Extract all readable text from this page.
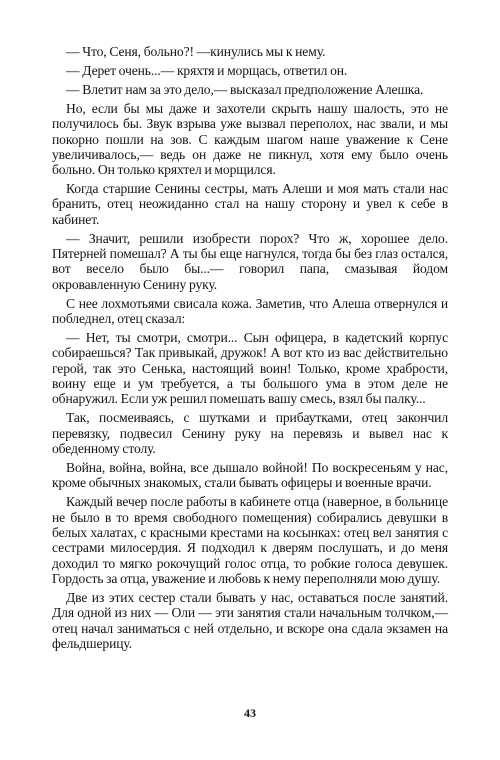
— Что, Сеня, больно?! —кинулись мы к нему.

— Дерет очень...— кряхтя и морщась, ответил он.

— Влетит нам за это дело,— высказал предположение Алешка.

Но, если бы мы даже и захотели скрыть нашу шалость, это не получилось бы. Звук взрыва уже вызвал переполох, нас звали, и мы покорно пошли на зов. С каждым шагом наше уважение к Сене увеличивалось,— ведь он даже не пикнул, хотя ему было очень больно. Он только кряхтел и морщился.

Когда старшие Сенины сестры, мать Алеши и моя мать стали нас бранить, отец неожиданно стал на нашу сторону и увел к себе в кабинет.

— Значит, решили изобрести порох? Что ж, хорошее дело. Пятерней помешал? А ты бы еще нагнулся, тогда бы без глаз остался, вот весело было бы...— говорил папа, смазывая йодом окровавленную Сенину руку.

С нее лохмотьями свисала кожа. Заметив, что Алеша отвернулся и побледнел, отец сказал:

— Нет, ты смотри, смотри... Сын офицера, в кадетский корпус собираешься? Так привыкай, дружок! А вот кто из вас действительно герой, так это Сенька, настоящий воин! Только, кроме храбрости, воину еще и ум требуется, а ты большого ума в этом деле не обнаружил. Если уж решил помешать вашу смесь, взял бы палку...

Так, посмеиваясь, с шутками и прибаутками, отец закончил перевязку, подвесил Сенину руку на перевязь и вывел нас к обеденному столу.

Война, война, война, все дышало войной! По воскресеньям у нас, кроме обычных знакомых, стали бывать офицеры и военные врачи.

Каждый вечер после работы в кабинете отца (наверное, в больнице не было в то время свободного помещения) собирались девушки в белых халатах, с красными крестами на косынках: отец вел занятия с сестрами милосердия. Я подходил к дверям послушать, и до меня доходил то мягко рокочущий голос отца, то робкие голоса девушек. Гордость за отца, уважение и любовь к нему переполняли мою душу.

Две из этих сестер стали бывать у нас, оставаться после занятий. Для одной из них — Оли — эти занятия стали начальным толчком,— отец начал заниматься с ней отдельно, и вскоре она сдала экзамен на фельдшерицу.

43
